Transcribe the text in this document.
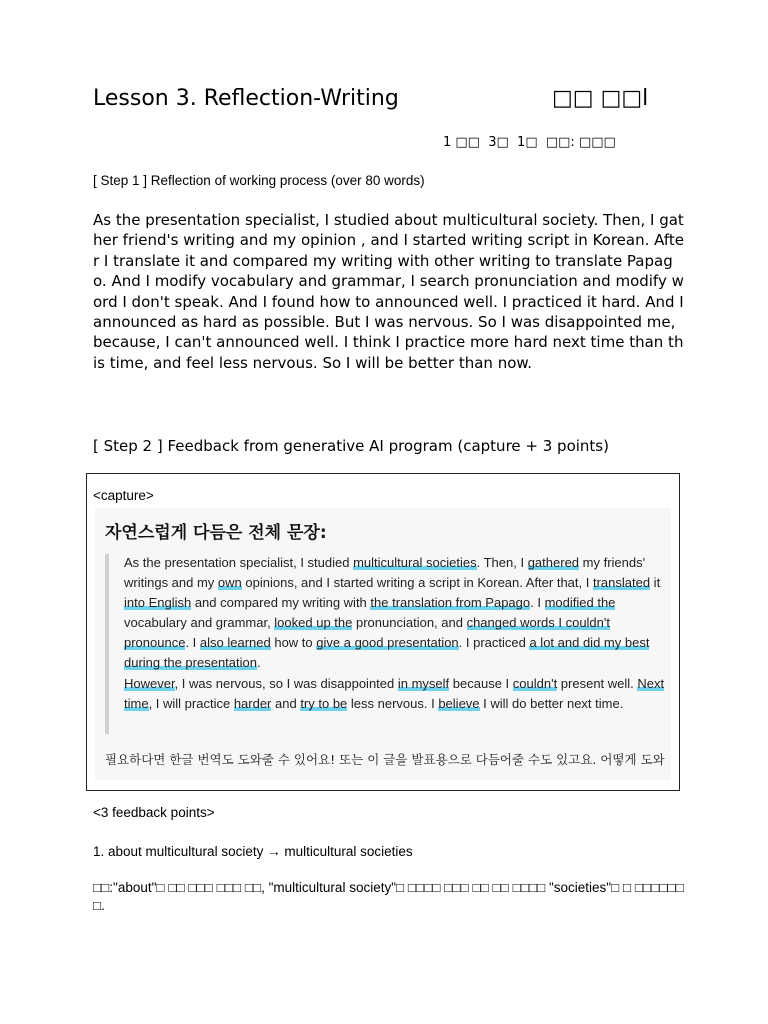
Lesson 3. Reflection-Writing	□□ □□l
1 □□  3□  1□  □□: □□□
[ Step 1 ] Reflection of working process (over 80 words)
As the presentation specialist, I studied about multicultural society. Then, I gather friend's writing and my opinion , and I started writing script in Korean. After I translate it and compared my writing with other writing to translate Papago. And I modify vocabulary and grammar, I search pronunciation and modify word I don't speak. And I found how to announced well. I practiced it hard. And I announced as hard as possible. But I was nervous. So I was disappointed me, because, I can't announced well. I think I practice more hard next time than this time, and feel less nervous. So I will be better than now.
[ Step 2 ] Feedback from generative AI program (capture + 3 points)
<capture>
자연스럽게 다듬은 전체 문장:
As the presentation specialist, I studied multicultural societies. Then, I gathered my friends' writings and my own opinions, and I started writing a script in Korean. After that, I translated it into English and compared my writing with the translation from Papago. I modified the vocabulary and grammar, looked up the pronunciation, and changed words I couldn't pronounce. I also learned how to give a good presentation. I practiced a lot and did my best during the presentation.
However, I was nervous, so I was disappointed in myself because I couldn't present well. Next time, I will practice harder and try to be less nervous. I believe I will do better next time.
필요하다면 한글 번역도 도와줄 수 있어요! 또는 이 글을 발표용으로 다듬어줄 수도 있고요. 어떻게 도와
<3 feedback points>
1. about multicultural society → multicultural societies
□□:"about"□ □□ □□□ □□□ □□, "multicultural society"□ □□□□ □□□ □□ □□ □□□□ "societies"□ □ □□□□□□□.
